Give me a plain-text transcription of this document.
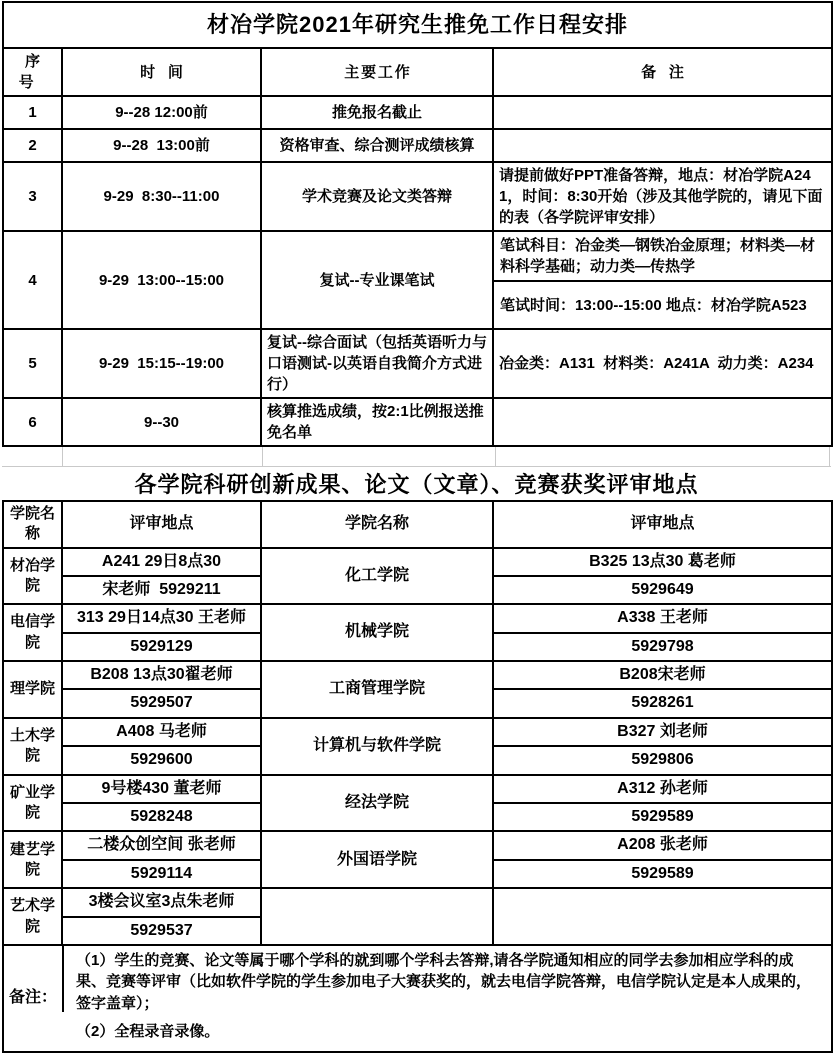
材冶学院2021年研究生推免工作日程安排			
序号	时间	主要工作	备注
1	9--28 12:00前	推免报名截止	
2	9--28  13:00前	资格审查、综合测评成绩核算	
3	9-29  8:30--11:00	学术竞赛及论文类答辩	请提前做好PPT准备答辩，地点：材冶学院A241，时间：8:30开始（涉及其他学院的，请见下面的表（各学院评审安排）
4	9-29  13:00--15:00	复试--专业课笔试	笔试科目：冶金类—钢铁冶金原理；材料类—材料科学基础；动力类—传热学
笔试时间：13:00--15:00 地点：材冶学院A523

5	9-29  15:15--19:00	复试--综合面试（包括英语听力与口语测试-以英语自我简介方式进行）	冶金类：A131  材料类：A241A  动力类：A234
6	9--30	核算推选成绩，按2:1比例报送推免名单	
各学院科研创新成果、论文（文章）、竞赛获奖评审地点
学院名称	评审地点	学院名称	评审地点
材冶学院	A241 29日8点30	化工学院	B325 13点30 葛老师
	宋老师  5929211		5929649
电信学院	313 29日14点30 王老师	机械学院	A338 王老师
	5929129		5929798
理学院	B208 13点30翟老师	工商管理学院	B208宋老师
	5929507		5928261
土木学院	A408 马老师	计算机与软件学院	B327 刘老师
	5929600		5929806
矿业学院	9号楼430 董老师	经法学院	A312 孙老师
	5928248		5929589
建艺学院	二楼众创空间 张老师	外国语学院	A208 张老师
	5929114		5929589
艺术学院	3楼会议室3点朱老师		
	5929537		

备注：

（1）学生的竞赛、论文等属于哪个学科的就到哪个学科去答辩,请各学院通知相应的同学去参加相应学科的成果、竞赛等评审（比如软件学院的学生参加电子大赛获奖的，就去电信学院答辩，电信学院认定是本人成果的，签字盖章）；

（2）全程录音录像。			
